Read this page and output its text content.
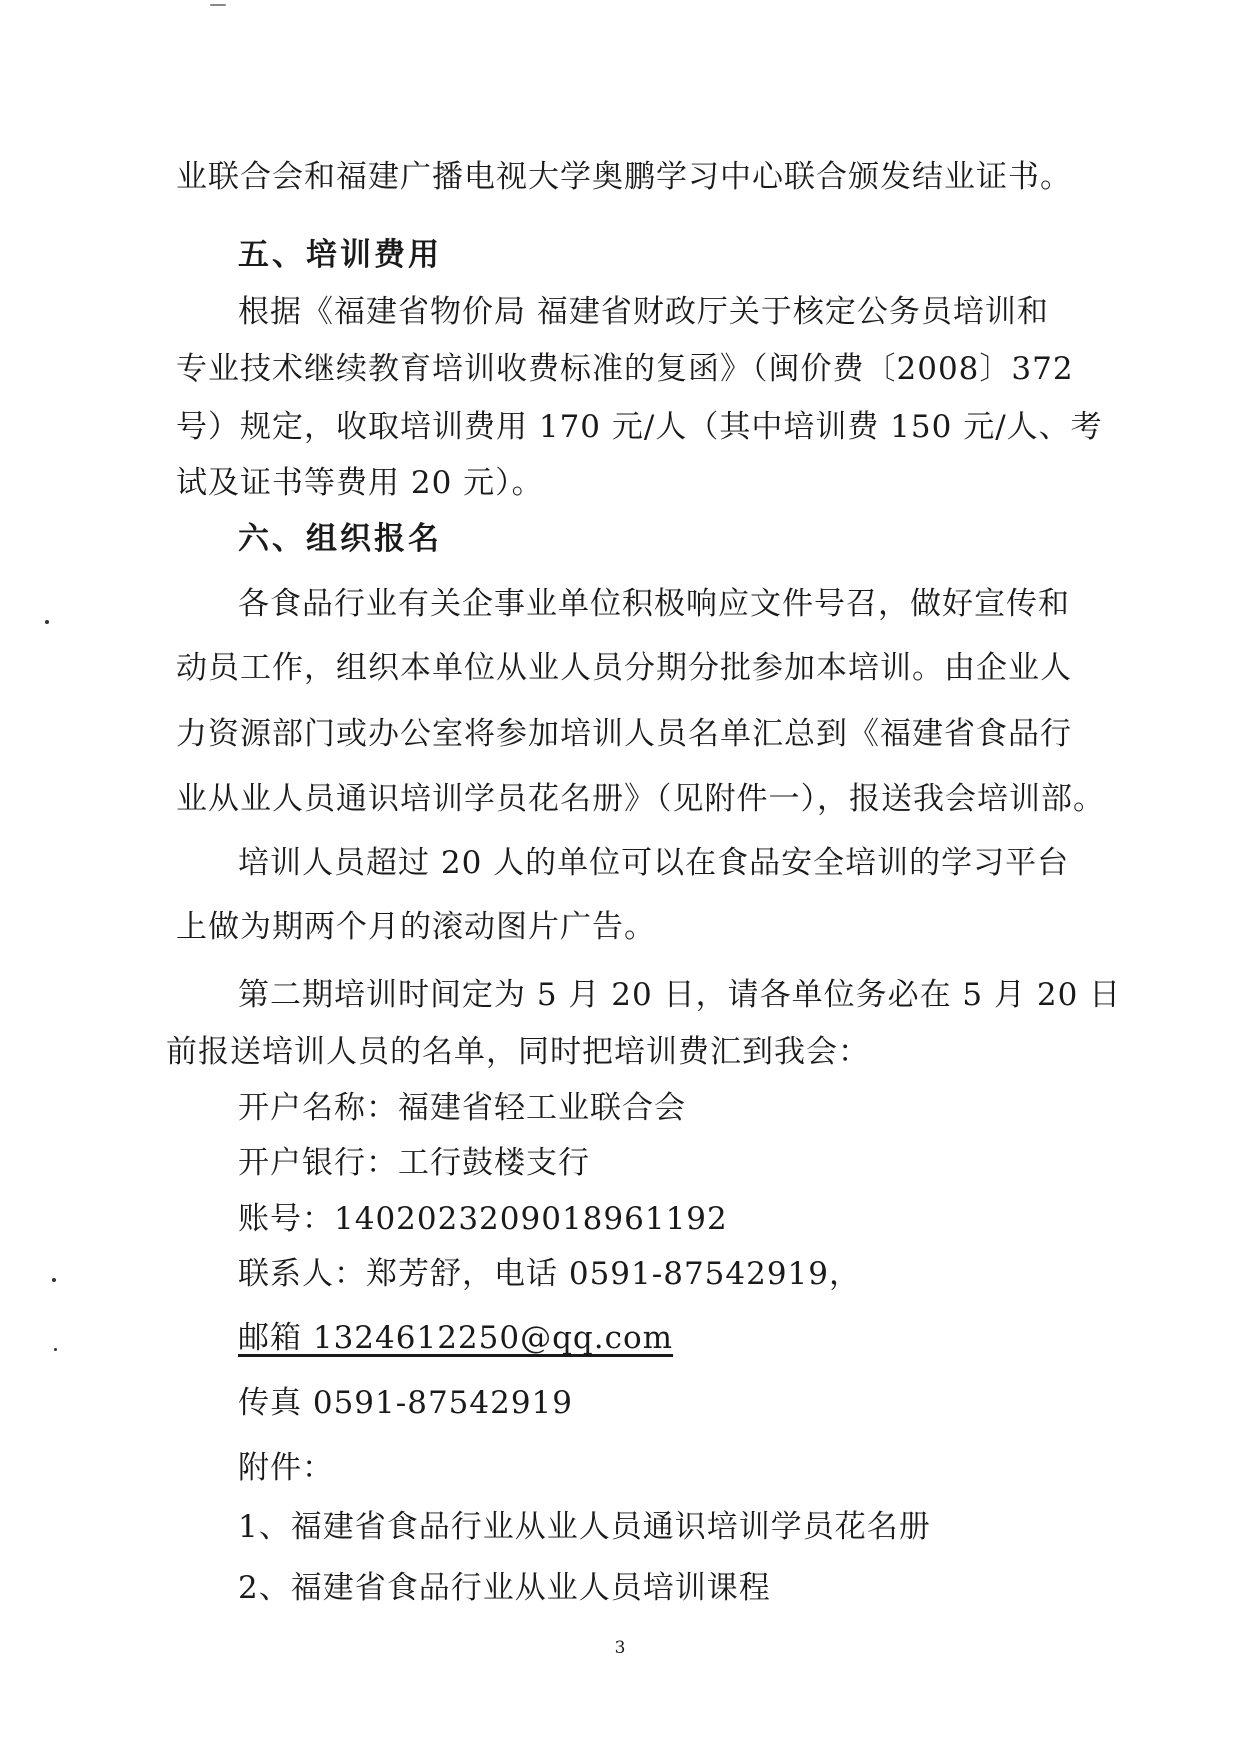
业联合会和福建广播电视大学奥鹏学习中心联合颁发结业证书。
五、培训费用
根据《福建省物价局 福建省财政厅关于核定公务员培训和
专业技术继续教育培训收费标准的复函》（闽价费〔2008〕372
号）规定，收取培训费用 170 元/人（其中培训费 150 元/人、考
试及证书等费用 20 元）。
六、组织报名
各食品行业有关企事业单位积极响应文件号召，做好宣传和
动员工作，组织本单位从业人员分期分批参加本培训。由企业人
力资源部门或办公室将参加培训人员名单汇总到《福建省食品行
业从业人员通识培训学员花名册》（见附件一），报送我会培训部。
培训人员超过 20 人的单位可以在食品安全培训的学习平台
上做为期两个月的滚动图片广告。
第二期培训时间定为 5 月 20 日，请各单位务必在 5 月 20 日
前报送培训人员的名单，同时把培训费汇到我会：
开户名称：福建省轻工业联合会
开户银行：工行鼓楼支行
账号：1402023209018961192
联系人：郑芳舒，电话 0591-87542919，
邮箱 1324612250@qq.com
传真 0591-87542919
附件：
1、福建省食品行业从业人员通识培训学员花名册
2、福建省食品行业从业人员培训课程
3
